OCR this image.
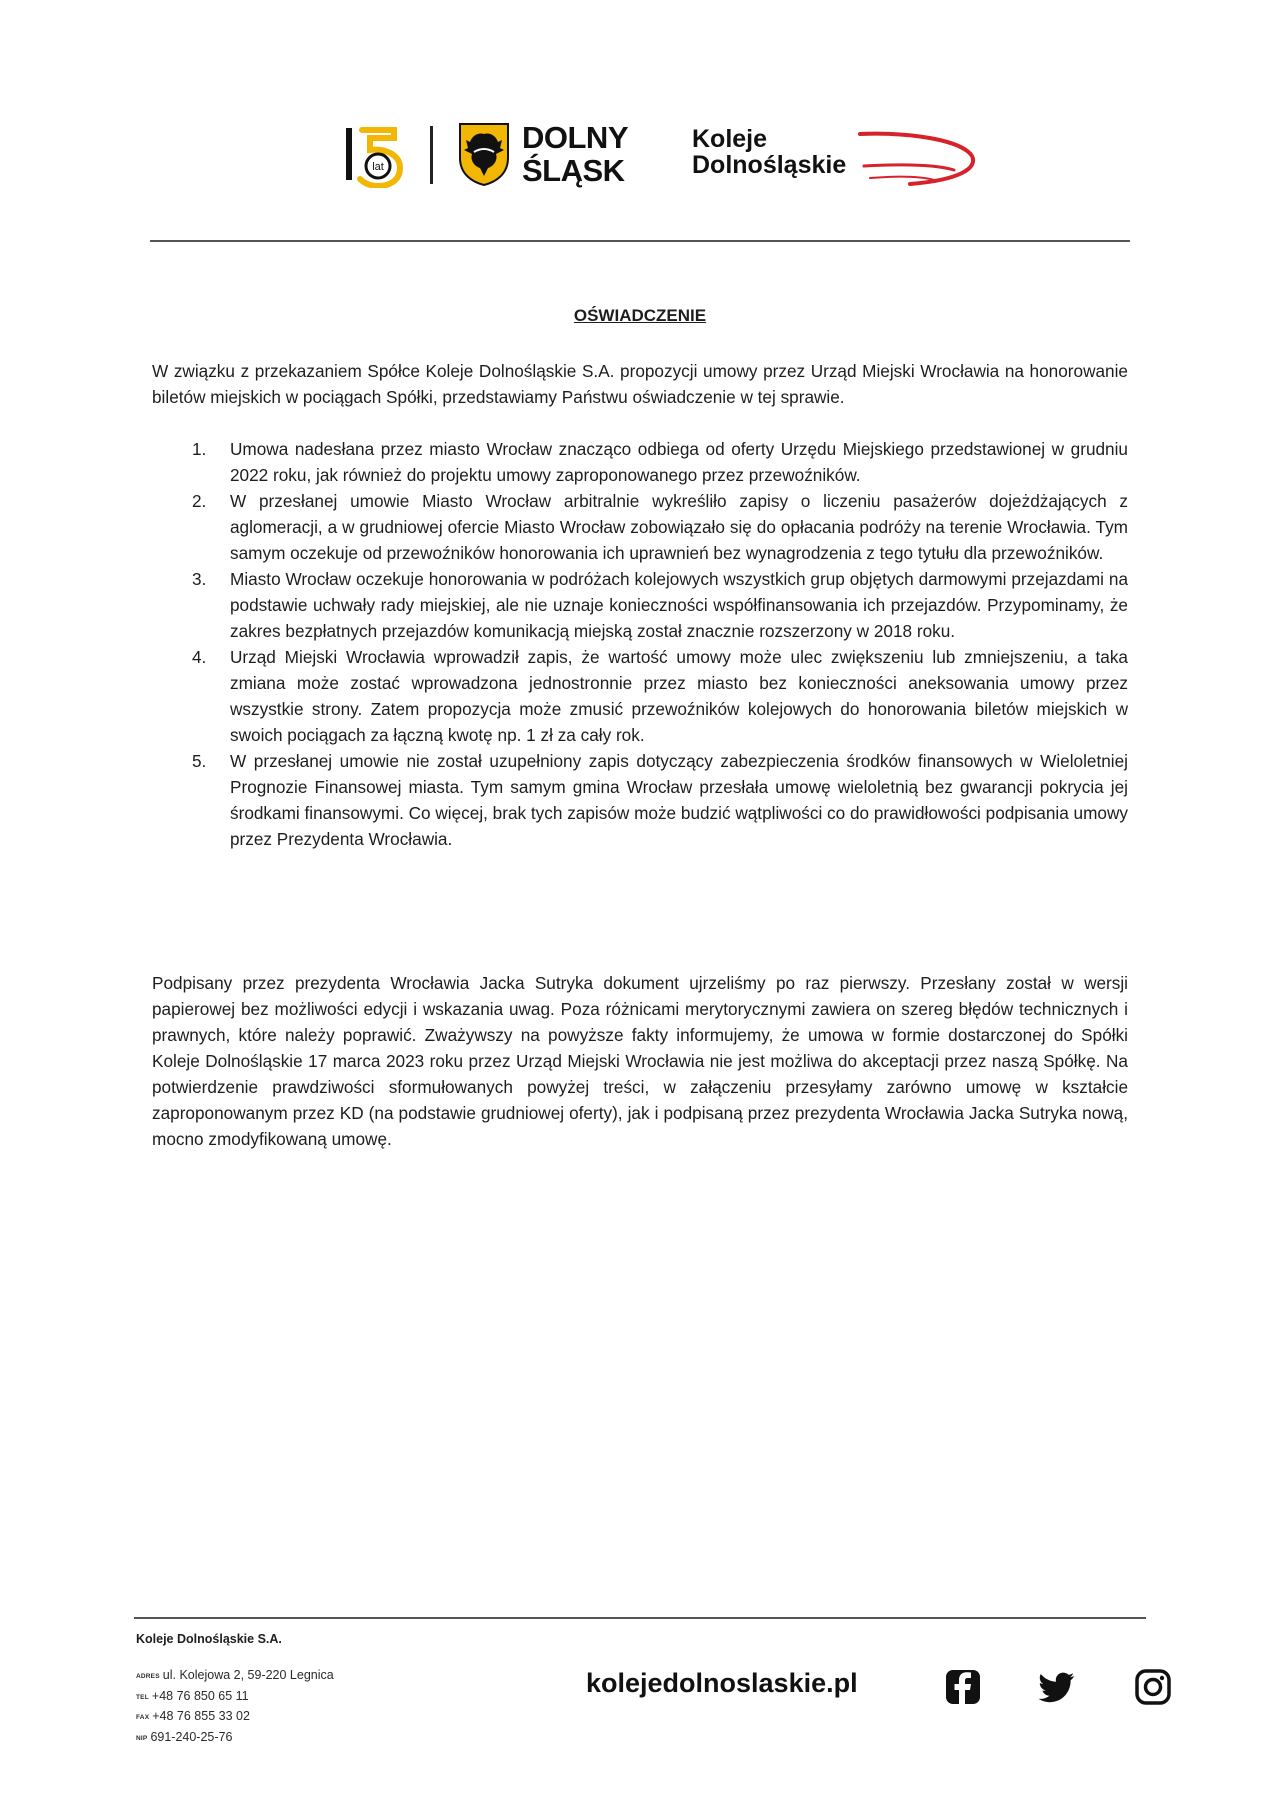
lat
DOLNY
ŚLĄSK
Koleje
Dolnośląskie
OŚWIADCZENIE

W związku z przekazaniem Spółce Koleje Dolnośląskie S.A. propozycji umowy przez Urząd Miejski Wrocławia na honorowanie biletów miejskich w pociągach Spółki, przedstawiamy Państwu oświadczenie w tej sprawie.

1. Umowa nadesłana przez miasto Wrocław znacząco odbiega od oferty Urzędu Miejskiego przedstawionej w grudniu 2022 roku, jak również do projektu umowy zaproponowanego przez przewoźników.
2. W przesłanej umowie Miasto Wrocław arbitralnie wykreśliło zapisy o liczeniu pasażerów dojeżdżających z aglomeracji, a w grudniowej ofercie Miasto Wrocław zobowiązało się do opłacania podróży na terenie Wrocławia. Tym samym oczekuje od przewoźników honorowania ich uprawnień bez wynagrodzenia z tego tytułu dla przewoźników.
3. Miasto Wrocław oczekuje honorowania w podróżach kolejowych wszystkich grup objętych darmowymi przejazdami na podstawie uchwały rady miejskiej, ale nie uznaje konieczności współfinansowania ich przejazdów. Przypominamy, że zakres bezpłatnych przejazdów komunikacją miejską został znacznie rozszerzony w 2018 roku.
4. Urząd Miejski Wrocławia wprowadził zapis, że wartość umowy może ulec zwiększeniu lub zmniejszeniu, a taka zmiana może zostać wprowadzona jednostronnie przez miasto bez konieczności aneksowania umowy przez wszystkie strony. Zatem propozycja może zmusić przewoźników kolejowych do honorowania biletów miejskich w swoich pociągach za łączną kwotę np. 1 zł za cały rok.
5. W przesłanej umowie nie został uzupełniony zapis dotyczący zabezpieczenia środków finansowych w Wieloletniej Prognozie Finansowej miasta. Tym samym gmina Wrocław przesłała umowę wieloletnią bez gwarancji pokrycia jej środkami finansowymi. Co więcej, brak tych zapisów może budzić wątpliwości co do prawidłowości podpisania umowy przez Prezydenta Wrocławia.

Podpisany przez prezydenta Wrocławia Jacka Sutryka dokument ujrzeliśmy po raz pierwszy. Przesłany został w wersji papierowej bez możliwości edycji i wskazania uwag. Poza różnicami merytorycznymi zawiera on szereg błędów technicznych i prawnych, które należy poprawić. Zważywszy na powyższe fakty informujemy, że umowa w formie dostarczonej do Spółki Koleje Dolnośląskie 17 marca 2023 roku przez Urząd Miejski Wrocławia nie jest możliwa do akceptacji przez naszą Spółkę. Na potwierdzenie prawdziwości sformułowanych powyżej treści, w załączeniu przesyłamy zarówno umowę w kształcie zaproponowanym przez KD (na podstawie grudniowej oferty), jak i podpisaną przez prezydenta Wrocławia Jacka Sutryka nową, mocno zmodyfikowaną umowę.

Koleje Dolnośląskie S.A.
ADRES ul. Kolejowa 2, 59-220 Legnica
TEL +48 76 850 65 11
FAX +48 76 855 33 02
NIP 691-240-25-76
kolejedolnoslaskie.pl
